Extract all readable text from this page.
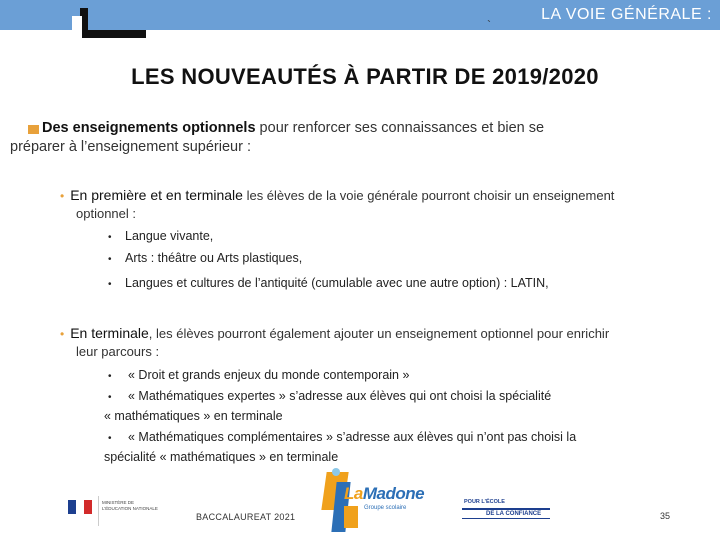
`
LA VOIE GÉNÉRALE :
LES NOUVEAUTÉS À PARTIR DE 2019/2020
Des enseignements optionnels pour renforcer ses connaissances et bien se
préparer à l’enseignement supérieur :
• En première et en terminale les élèves de la voie générale pourront choisir un enseignement
optionnel :
• Langue vivante,
• Arts : théâtre ou Arts plastiques,
• Langues et cultures de l’antiquité (cumulable avec une autre option) : LATIN,
• En terminale, les élèves pourront également ajouter un enseignement optionnel pour enrichir
leur parcours :
• « Droit et grands enjeux du monde contemporain »
• « Mathématiques expertes » s’adresse aux élèves qui ont choisi la spécialité
« mathématiques » en terminale
• « Mathématiques complémentaires » s’adresse aux élèves qui n’ont pas choisi la
spécialité « mathématiques » en terminale
MINISTÈRE DE L’ÉDUCATION NATIONALE
BACCALAUREAT 2021
LaMadone
Groupe scolaire
POUR L’ÉCOLE
DE LA CONFIANCE	35
